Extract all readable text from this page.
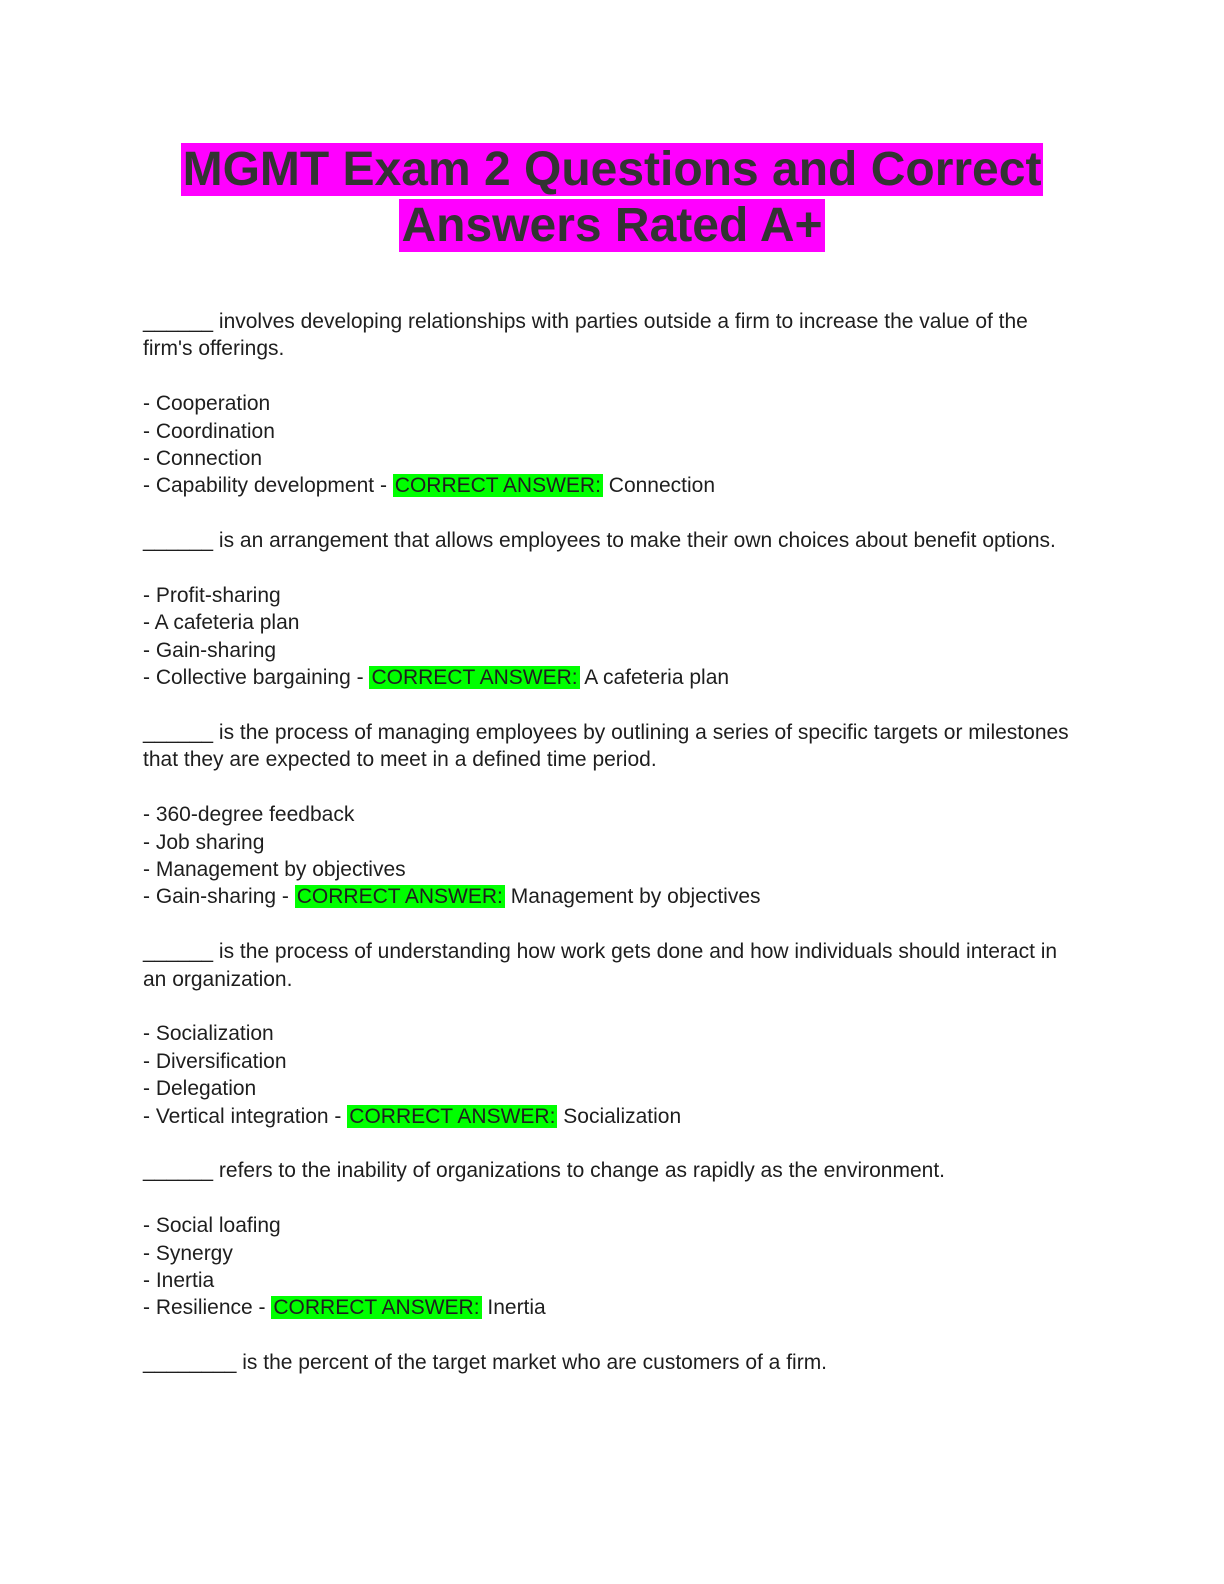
MGMT Exam 2 Questions and Correct
Answers Rated A+

______ involves developing relationships with parties outside a firm to increase the value of the firm's offerings.

- Cooperation
- Coordination
- Connection
- Capability development - CORRECT ANSWER: Connection

______ is an arrangement that allows employees to make their own choices about benefit options.

- Profit-sharing
- A cafeteria plan
- Gain-sharing
- Collective bargaining - CORRECT ANSWER: A cafeteria plan

______ is the process of managing employees by outlining a series of specific targets or milestones that they are expected to meet in a defined time period.

- 360-degree feedback
- Job sharing
- Management by objectives
- Gain-sharing - CORRECT ANSWER: Management by objectives

______ is the process of understanding how work gets done and how individuals should interact in an organization.

- Socialization
- Diversification
- Delegation
- Vertical integration - CORRECT ANSWER: Socialization

______ refers to the inability of organizations to change as rapidly as the environment.

- Social loafing
- Synergy
- Inertia
- Resilience - CORRECT ANSWER: Inertia

________ is the percent of the target market who are customers of a firm.
